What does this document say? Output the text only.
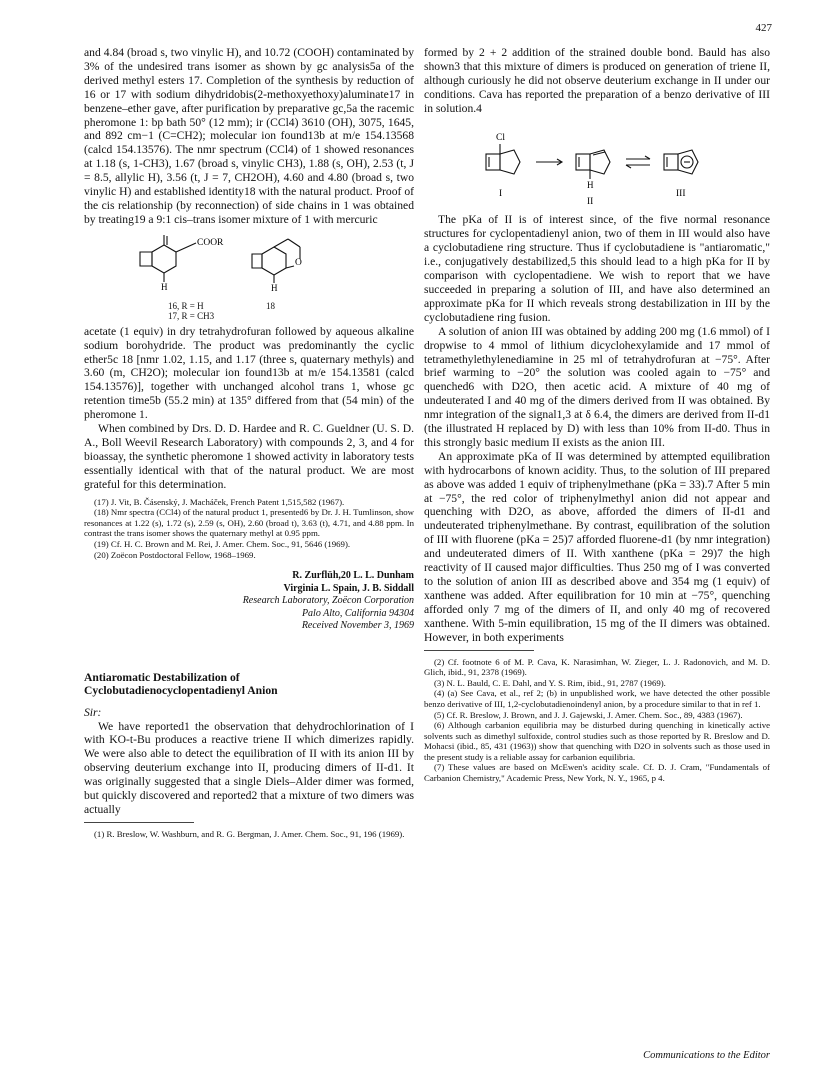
427

and 4.84 (broad s, two vinylic H), and 10.72 (COOH) contaminated by 3% of the undesired trans isomer as shown by gc analysis5a of the derived methyl esters 17. Completion of the synthesis by reduction of 16 or 17 with sodium dihydridobis(2-methoxyethoxy)aluminate17 in benzene–ether gave, after purification by preparative gc,5a the racemic pheromone 1: bp bath 50° (12 mm); ir (CCl4) 3610 (OH), 3075, 1645, and 892 cm−1 (C=CH2); molecular ion found13b at m/e 154.13568 (calcd 154.13576). The nmr spectrum (CCl4) of 1 showed resonances at 1.18 (s, 1-CH3), 1.67 (broad s, vinylic CH3), 1.88 (s, OH), 2.53 (t, J = 8.5, allylic H), 3.56 (t, J = 7, CH2OH), 4.60 and 4.80 (broad s, two vinylic H) and established identity18 with the natural product. Proof of the cis relationship (by reconnection) of side chains in 1 was obtained by treating19 a 9:1 cis–trans isomer mixture of 1 with mercuric

COOR
H
O
H
16, R = H
17, R = CH3
18

acetate (1 equiv) in dry tetrahydrofuran followed by aqueous alkaline sodium borohydride. The product was predominantly the cyclic ether5c 18 [nmr 1.02, 1.15, and 1.17 (three s, quaternary methyls) and 3.60 (m, CH2O); molecular ion found13b at m/e 154.13581 (calcd 154.13576)], together with unchanged alcohol trans 1, whose gc retention time5b (55.2 min) at 135° differed from that (54 min) of the pheromone 1.

When combined by Drs. D. D. Hardee and R. C. Gueldner (U. S. D. A., Boll Weevil Research Laboratory) with compounds 2, 3, and 4 for bioassay, the synthetic pheromone 1 showed activity in laboratory tests essentially identical with that of the natural product. We are most grateful for this determination.

(17) J. Vit, B. Čásenský, J. Macháček, French Patent 1,515,582 (1967).

(18) Nmr spectra (CCl4) of the natural product 1, presented6 by Dr. J. H. Tumlinson, show resonances at 1.22 (s), 1.72 (s), 2.59 (s, OH), 2.60 (broad t), 3.63 (t), 4.71, and 4.88 ppm. In contrast the trans isomer shows the quaternary methyl at 0.95 ppm.

(19) Cf. H. C. Brown and M. Rei, J. Amer. Chem. Soc., 91, 5646 (1969).

(20) Zoëcon Postdoctoral Fellow, 1968–1969.

R. Zurflüh,20 L. L. Dunham
Virginia L. Spain, J. B. Siddall
Research Laboratory, Zoëcon Corporation
Palo Alto, California 94304
Received November 3, 1969
Antiaromatic Destabilization of
Cyclobutadienocyclopentadienyl Anion
Sir:

We have reported1 the observation that dehydrochlorination of I with KO-t-Bu produces a reactive triene II which dimerizes rapidly. We were also able to detect the equilibration of II with its anion III by observing deuterium exchange into II, producing dimers of II-d1. It was originally suggested that a single Diels–Alder dimer was formed, but quickly discovered and reported2 that a mixture of two dimers was actually

(1) R. Breslow, W. Washburn, and R. G. Bergman, J. Amer. Chem. Soc., 91, 196 (1969).

formed by 2 + 2 addition of the strained double bond. Bauld has also shown3 that this mixture of dimers is produced on generation of triene II, although curiously he did not observe deuterium exchange in II under our conditions. Cava has reported the preparation of a benzo derivative of III in solution.4

Cl
I
H
II
III

The pKa of II is of interest since, of the five normal resonance structures for cyclopentadienyl anion, two of them in III would also have a cyclobutadiene ring structure. Thus if cyclobutadiene is "antiaromatic," i.e., conjugatively destabilized,5 this should lead to a high pKa for II by comparison with cyclopentadiene. We wish to report that we have succeeded in preparing a solution of III, and have also determined an approximate pKa for II which reveals strong destabilization in III by the cyclobutadiene ring fusion.

A solution of anion III was obtained by adding 200 mg (1.6 mmol) of I dropwise to 4 mmol of lithium dicyclohexylamide and 17 mmol of tetramethylethylenediamine in 25 ml of tetrahydrofuran at −75°. After brief warming to −20° the solution was cooled again to −75° and quenched6 with D2O, then acetic acid. A mixture of 40 mg of undeuterated I and 40 mg of the dimers derived from II was obtained. By nmr integration of the signal1,3 at δ 6.4, the dimers are derived from II-d1 (the illustrated H replaced by D) with less than 10% from II-d0. Thus in this strongly basic medium II exists as the anion III.

An approximate pKa of II was determined by attempted equilibration with hydrocarbons of known acidity. Thus, to the solution of III prepared as above was added 1 equiv of triphenylmethane (pKa = 33).7 After 5 min at −75°, the red color of triphenylmethyl anion did not appear and quenching with D2O, as above, afforded the dimers of II-d1 and undeuterated triphenylmethane. By contrast, equilibration of the solution of III with fluorene (pKa = 25)7 afforded fluorene-d1 (by nmr integration) and undeuterated dimers of II. With xanthene (pKa = 29)7 the high reactivity of II caused major difficulties. Thus 250 mg of I was converted to the solution of anion III as described above and 354 mg (1 equiv) of xanthene was added. After equilibration for 10 min at −75°, quenching afforded only 7 mg of the dimers of II, and only 40 mg of recovered xanthene. With 5-min equilibration, 15 mg of the II dimers was obtained. However, in both experiments

(2) Cf. footnote 6 of M. P. Cava, K. Narasimhan, W. Zieger, L. J. Radonovich, and M. D. Glich, ibid., 91, 2378 (1969).

(3) N. L. Bauld, C. E. Dahl, and Y. S. Rim, ibid., 91, 2787 (1969).

(4) (a) See Cava, et al., ref 2; (b) in unpublished work, we have detected the other possible benzo derivative of III, 1,2-cyclobutadienoindenyl anion, by a procedure similar to that in ref 1.

(5) Cf. R. Breslow, J. Brown, and J. J. Gajewski, J. Amer. Chem. Soc., 89, 4383 (1967).

(6) Although carbanion equilibria may be disturbed during quenching in kinetically active solvents such as dimethyl sulfoxide, control studies such as those reported by R. Breslow and D. Mohacsi (ibid., 85, 431 (1963)) show that quenching with D2O in solvents such as those used in the present study is a reliable assay for carbanion equilibria.

(7) These values are based on McEwen's acidity scale. Cf. D. J. Cram, "Fundamentals of Carbanion Chemistry," Academic Press, New York, N. Y., 1965, p 4.

Communications to the Editor
